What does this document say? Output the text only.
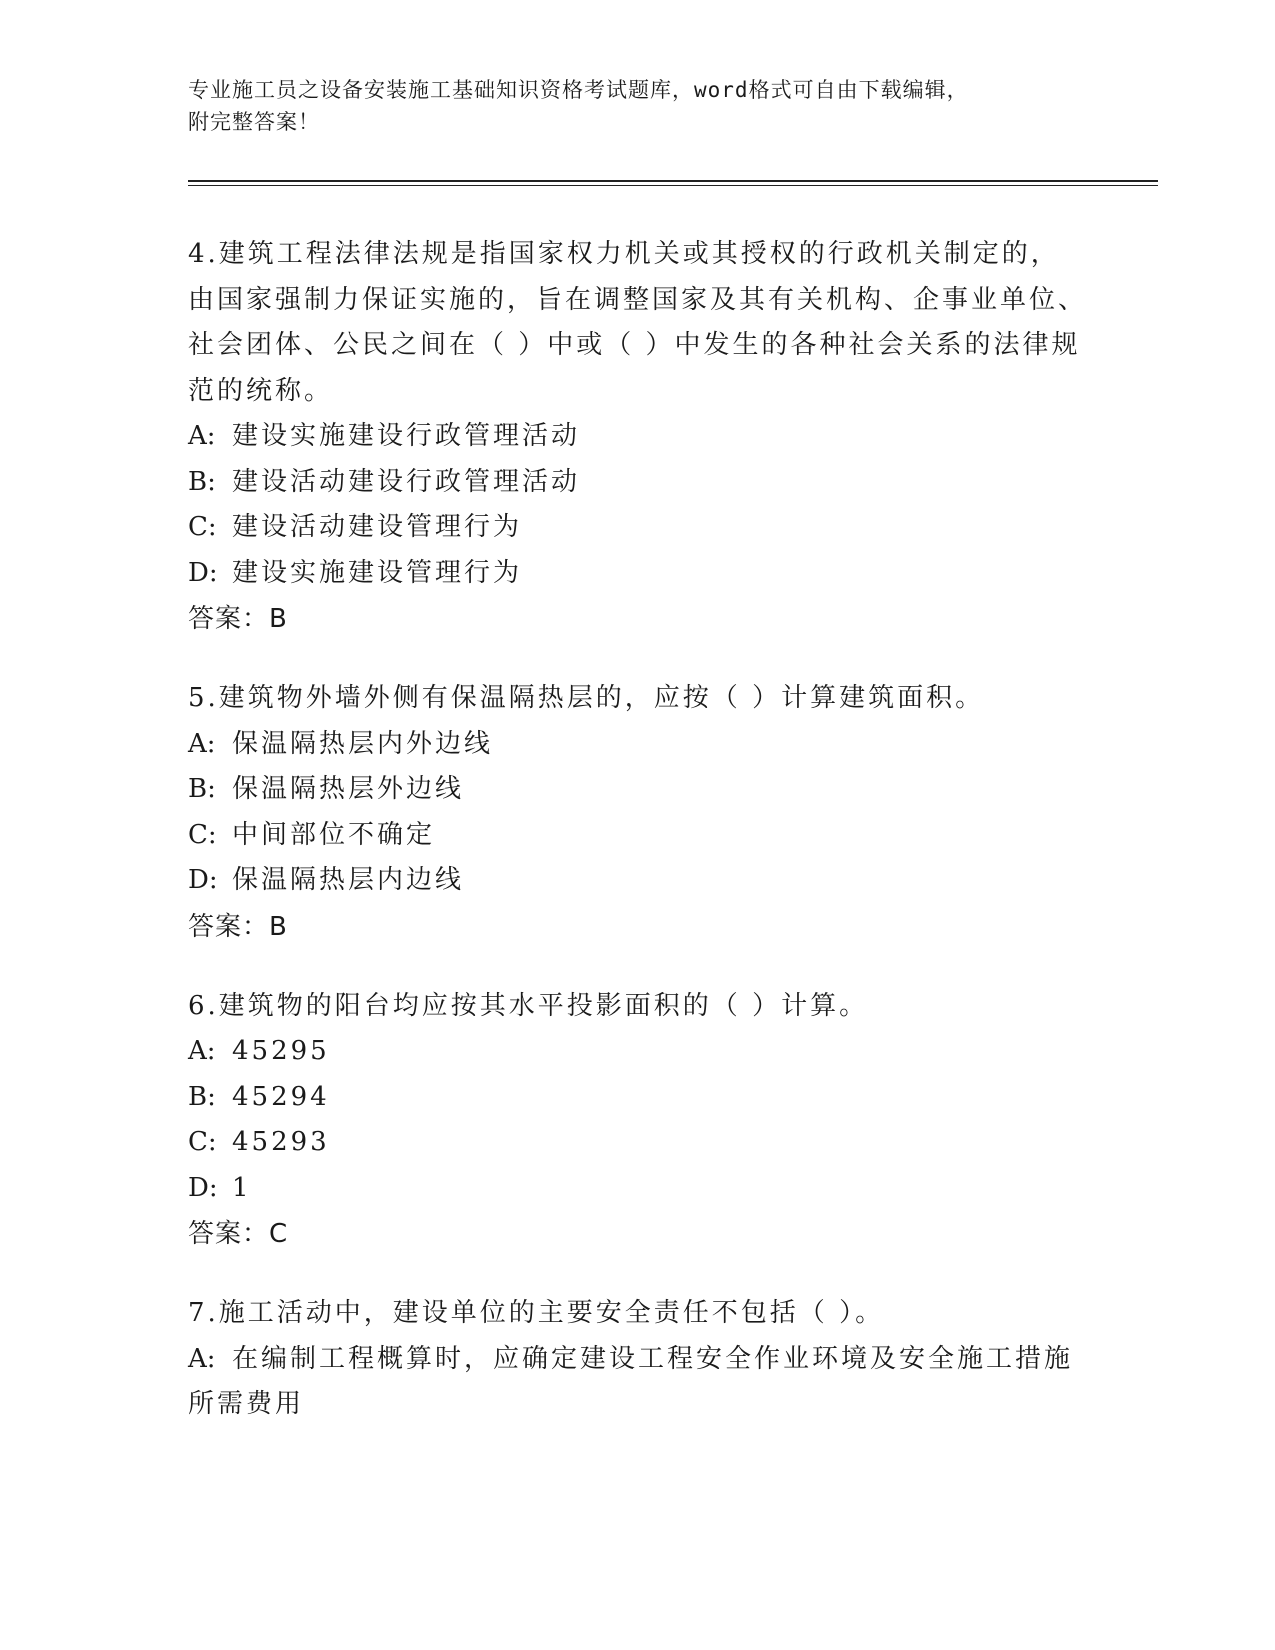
专业施工员之设备安装施工基础知识资格考试题库，word格式可自由下载编辑，
附完整答案！

4.建筑工程法律法规是指国家权力机关或其授权的行政机关制定的，由国家强制力保证实施的，旨在调整国家及其有关机构、企事业单位、社会团体、公民之间在（ ）中或（ ）中发生的各种社会关系的法律规范的统称。

A: 建设实施建设行政管理活动

B: 建设活动建设行政管理活动

C: 建设活动建设管理行为

D: 建设实施建设管理行为

答案：B

5.建筑物外墙外侧有保温隔热层的，应按（ ）计算建筑面积。

A: 保温隔热层内外边线

B: 保温隔热层外边线

C: 中间部位不确定

D: 保温隔热层内边线

答案：B

6.建筑物的阳台均应按其水平投影面积的（ ）计算。

A: 45295

B: 45294

C: 45293

D: 1

答案：C

7.施工活动中，建设单位的主要安全责任不包括（ ）。

A: 在编制工程概算时，应确定建设工程安全作业环境及安全施工措施所需费用
